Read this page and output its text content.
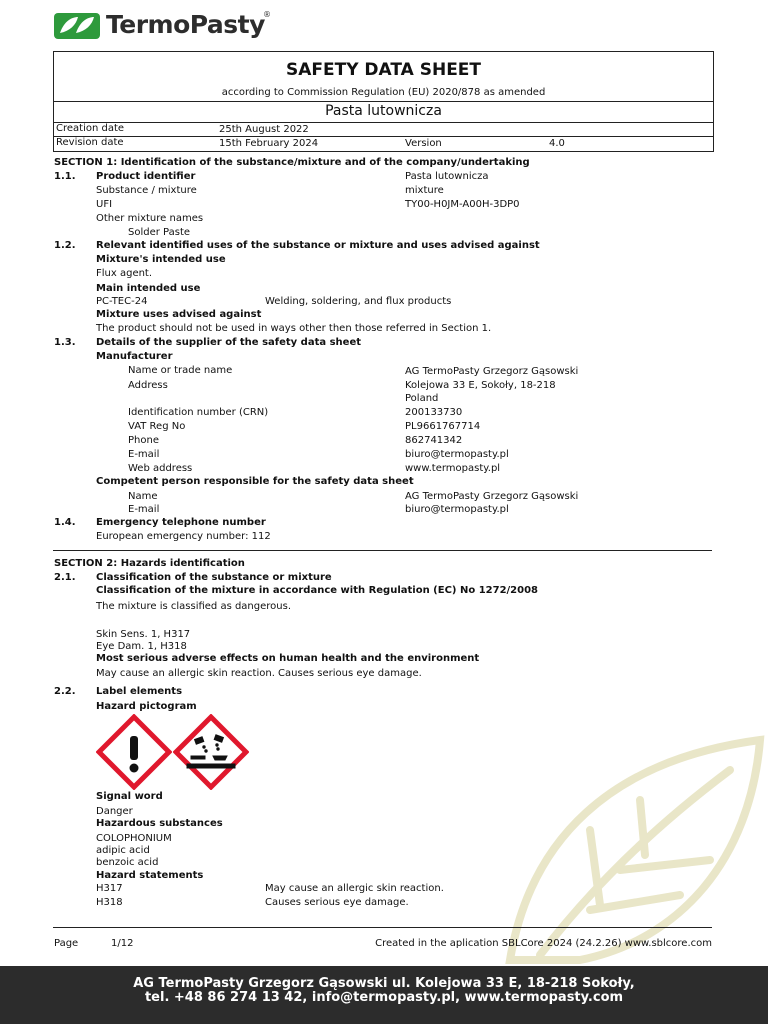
TermoPasty
®
SAFETY DATA SHEET
according to Commission Regulation (EU) 2020/878 as amended
Pasta lutownicza
Creation date	25th August 2022
Revision date	15th February 2024	Version	4.0
SECTION 1: Identification of the substance/mixture and of the company/undertaking
1.1. Product identifier	Pasta lutownicza
Substance / mixture	mixture
UFI	TY00-H0JM-A00H-3DP0
Other mixture names
Solder Paste
1.2. Relevant identified uses of the substance or mixture and uses advised against
Mixture's intended use
Flux agent.
Main intended use
PC-TEC-24	Welding, soldering, and flux products
Mixture uses advised against
The product should not be used in ways other then those referred in Section 1.
1.3. Details of the supplier of the safety data sheet
Manufacturer
Name or trade name	AG TermoPasty Grzegorz Gąsowski
Address	Kolejowa 33 E, Sokoły, 18-218
Poland
Identification number (CRN)	200133730
VAT Reg No	PL9661767714
Phone	862741342
E-mail	biuro@termopasty.pl
Web address	www.termopasty.pl
Competent person responsible for the safety data sheet
Name	AG TermoPasty Grzegorz Gąsowski
E-mail	biuro@termopasty.pl
1.4. Emergency telephone number
European emergency number: 112
SECTION 2: Hazards identification
2.1. Classification of the substance or mixture
Classification of the mixture in accordance with Regulation (EC) No 1272/2008
The mixture is classified as dangerous.
Skin Sens. 1, H317
Eye Dam. 1, H318
Most serious adverse effects on human health and the environment
May cause an allergic skin reaction. Causes serious eye damage.
2.2. Label elements
Hazard pictogram
Signal word
Danger
Hazardous substances
COLOPHONIUM
adipic acid
benzoic acid
Hazard statements
H317	May cause an allergic skin reaction.
H318	Causes serious eye damage.
Page	1/12	Created in the aplication SBLCore 2024 (24.2.26) www.sblcore.com
AG TermoPasty Grzegorz Gąsowski ul. Kolejowa 33 E, 18-218 Sokoły,
tel. +48 86 274 13 42, info@termopasty.pl, www.termopasty.com
